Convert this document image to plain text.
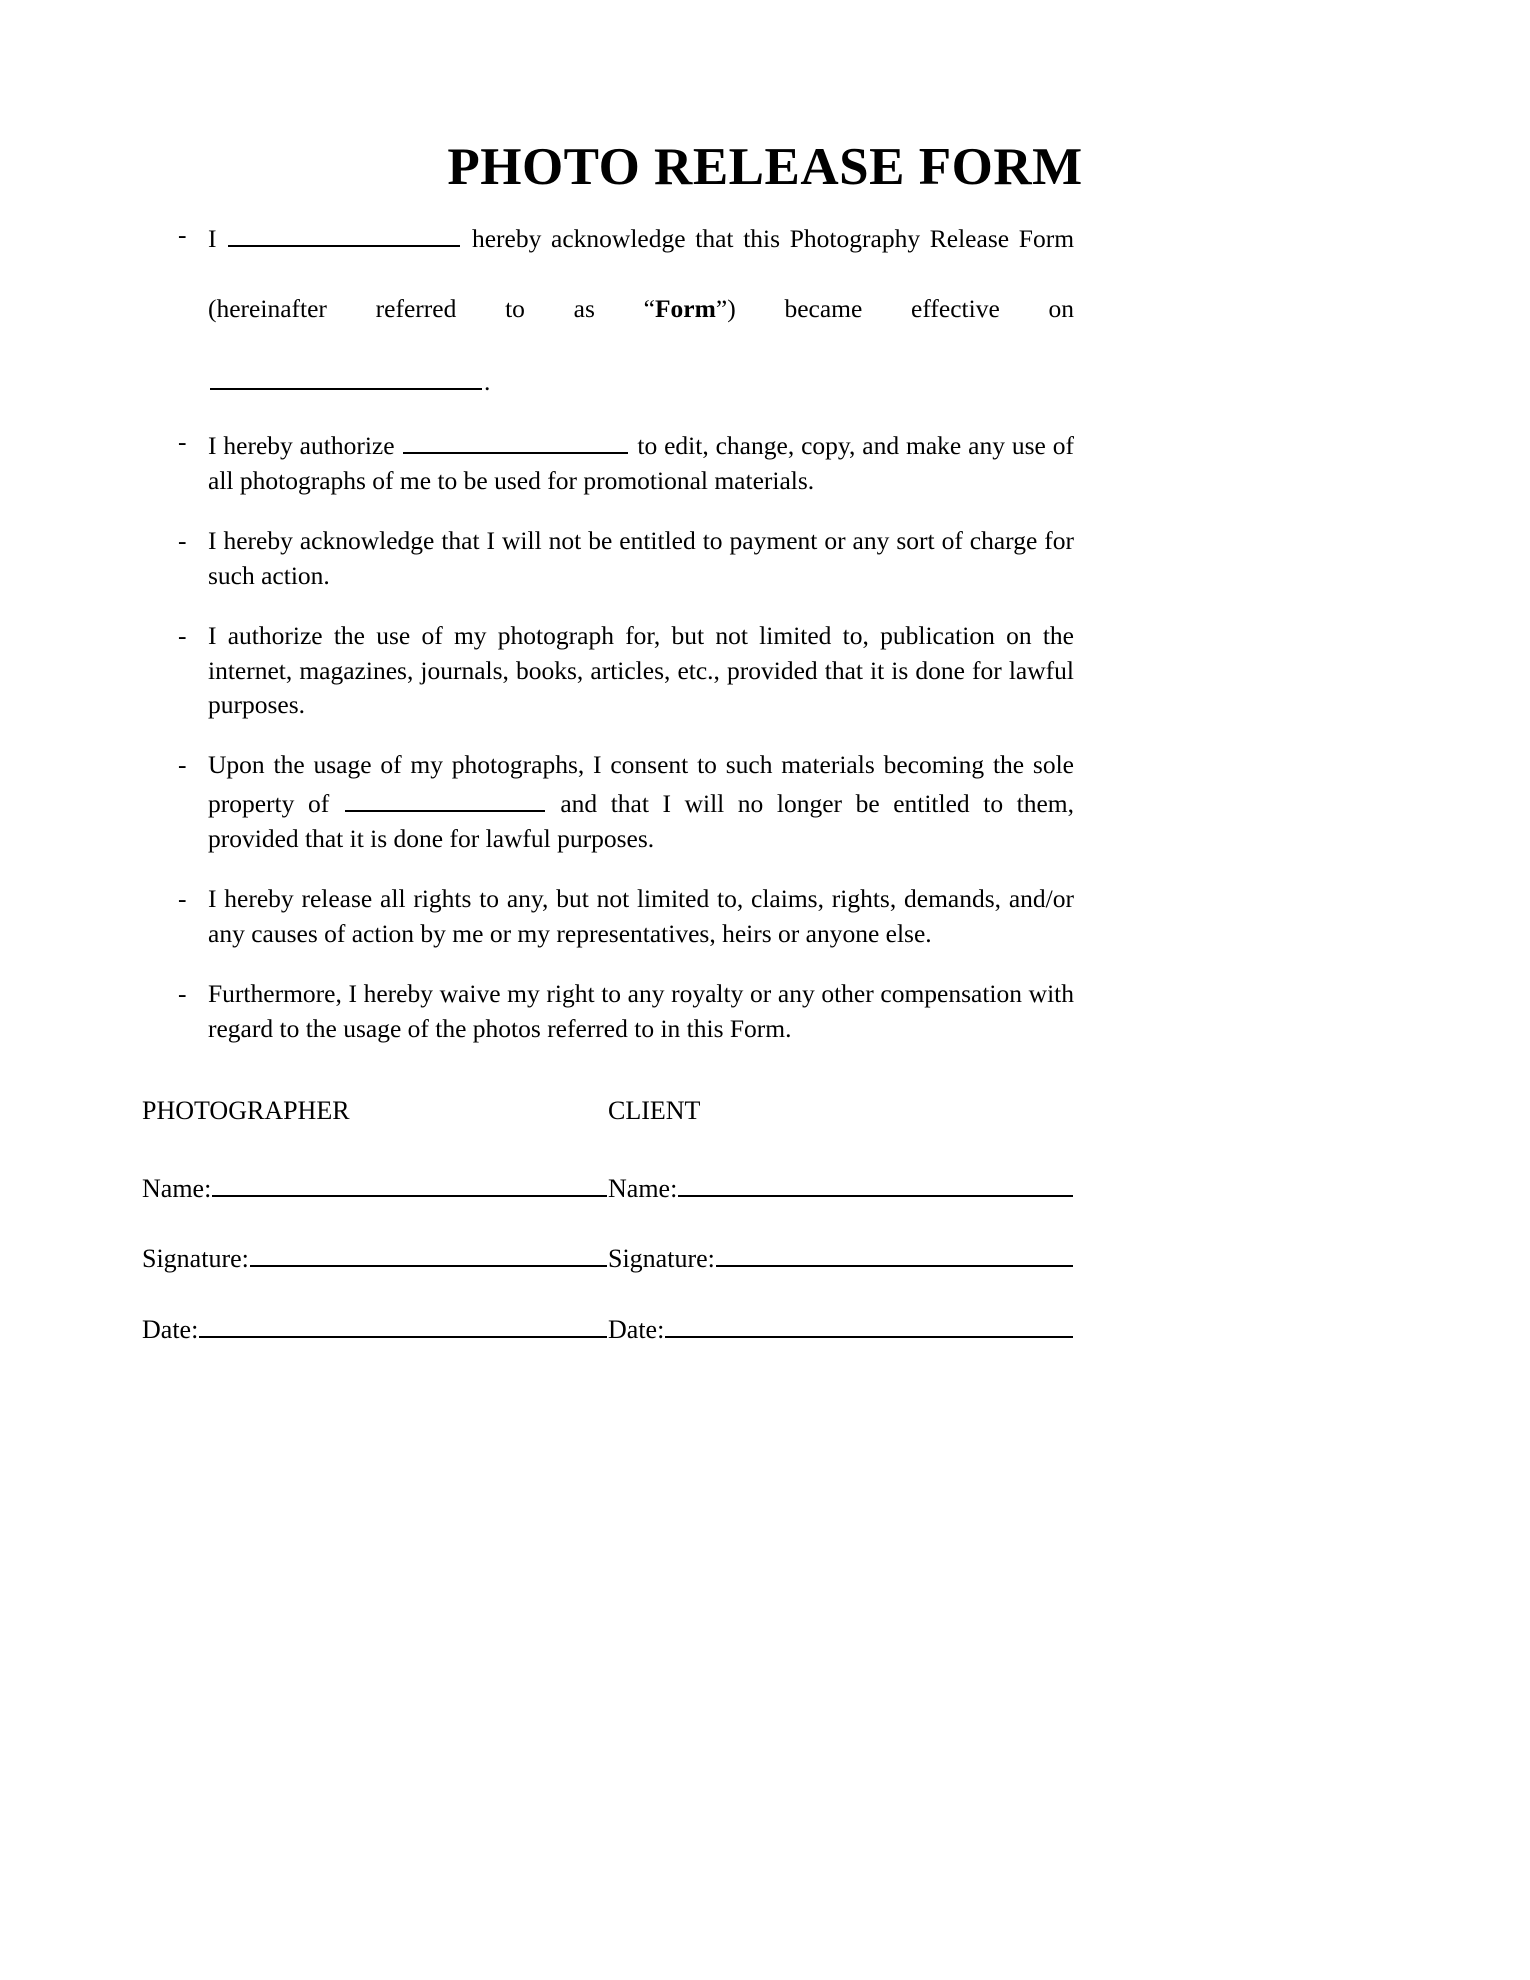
PHOTO RELEASE FORM
- I	hereby acknowledge that this Photography Release Form
(hereinafter referred to as “Form”) became effective on
.
- I hereby authorize	to edit, change, copy, and make any use of all photographs of me to be used for promotional materials.
- I hereby acknowledge that I will not be entitled to payment or any sort of charge for such action.
- I authorize the use of my photograph for, but not limited to, publication on the internet, magazines, journals, books, articles, etc., provided that it is done for lawful purposes.
- Upon the usage of my photographs, I consent to such materials becoming the sole property of	and that I will no longer be entitled to them, provided that it is done for lawful purposes.
- I hereby release all rights to any, but not limited to, claims, rights, demands, and/or any causes of action by me or my representatives, heirs or anyone else.
- Furthermore, I hereby waive my right to any royalty or any other compensation with regard to the usage of the photos referred to in this Form.
PHOTOGRAPHER
Name:
Signature:
Date:
CLIENT
Name:
Signature:
Date:
